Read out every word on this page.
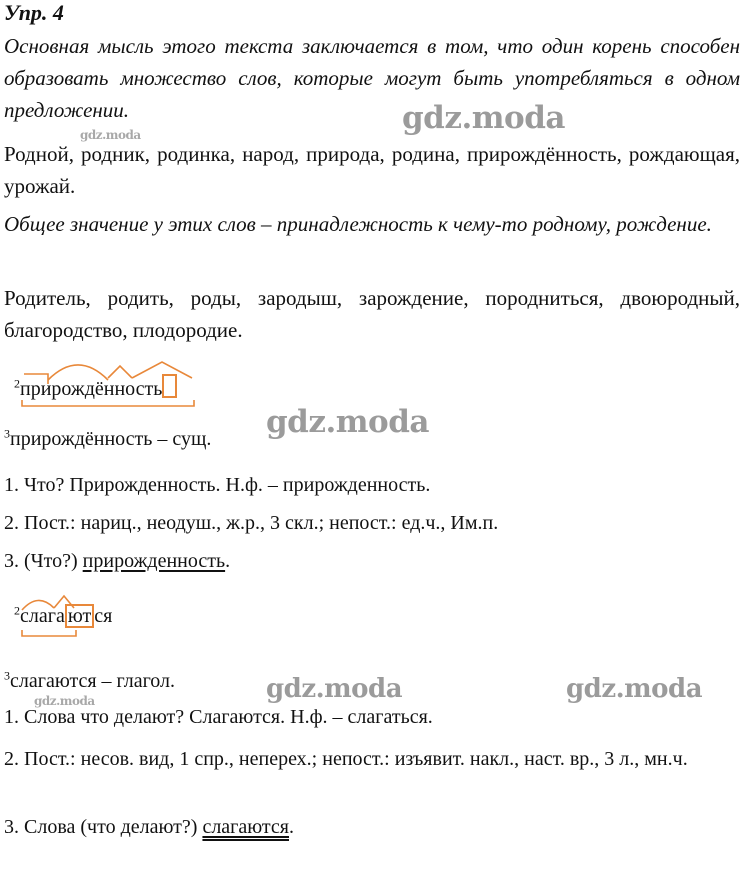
Упр. 4

Основная мысль этого текста заключается в том, что один корень способен образовать множество слов, которые могут быть употребляться в одном предложении.

Родной, родник, родинка, народ, природа, родина, прирождённость, рождающая, урожай.

Общее значение у этих слов – принадлежность к чему-то родному, рождение.

Родитель, родить, роды, зародыш, зарождение, породниться, двоюродный, благородство, плодородие.

$^2$прирождённость
$^3$прирождённость – сущ.
1. Что? Прирожденность. Н.ф. – прирожденность.
2. Пост.: нариц., неодуш., ж.р., 3 скл.; непост.: ед.ч., Им.п.
3. (Что?) прирожденность.
$^2$слага ют ся
$^3$слагаются – глагол.
1. Слова что делают? Слагаются. Н.ф. – слагаться.

2. Пост.: несов. вид, 1 спр., неперех.; непост.: изъявит. накл., наст. вр., 3 л., мн.ч.

3. Слова (что делают?) слагаются.
gdz.moda
gdz.moda
gdz.moda
gdz.moda	gdz.moda
gdz.moda
